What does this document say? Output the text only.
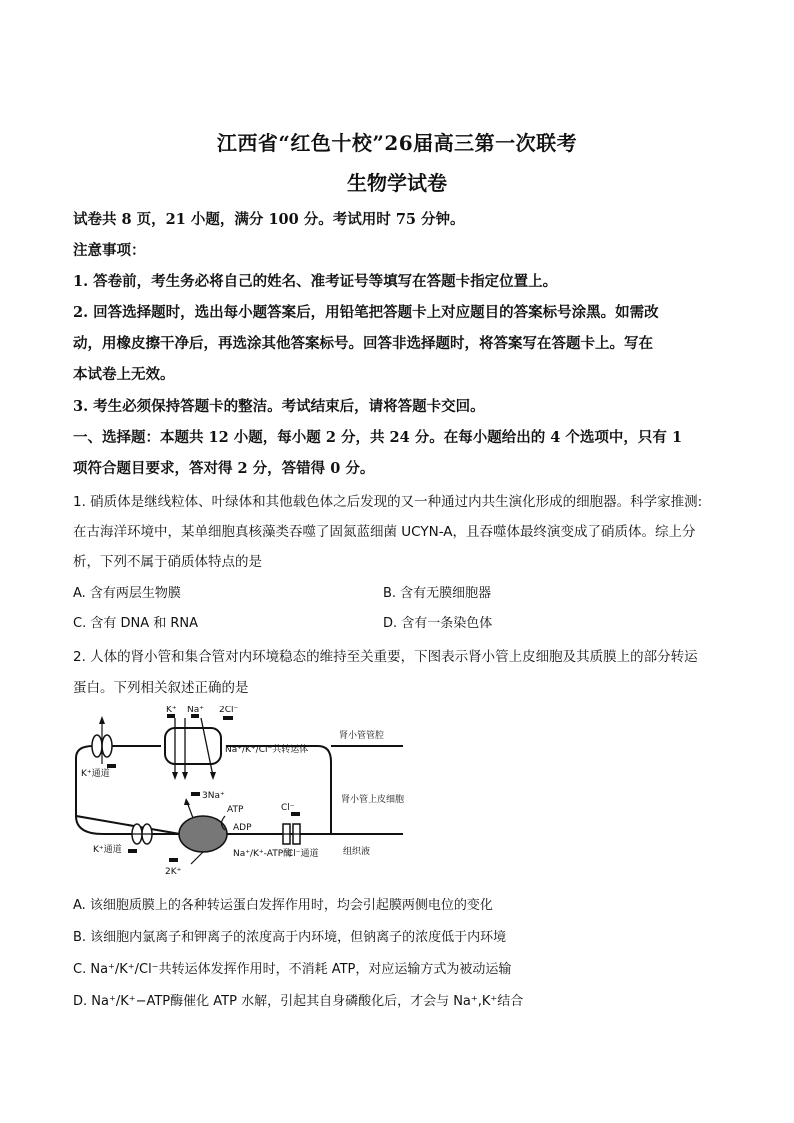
江西省“红色十校”26届高三第一次联考
生物学试卷
试卷共 8 页，21 小题，满分 100 分。考试用时 75 分钟。
注意事项：
1. 答卷前，考生务必将自己的姓名、准考证号等填写在答题卡指定位置上。
2. 回答选择题时，选出每小题答案后，用铅笔把答题卡上对应题目的答案标号涂黑。如需改
动，用橡皮擦干净后，再选涂其他答案标号。回答非选择题时，将答案写在答题卡上。写在
本试卷上无效。
3. 考生必须保持答题卡的整洁。考试结束后，请将答题卡交回。
一、选择题：本题共 12 小题，每小题 2 分，共 24 分。在每小题给出的 4 个选项中，只有 1
项符合题目要求，答对得 2 分，答错得 0 分。
1. 硝质体是继线粒体、叶绿体和其他载色体之后发现的又一种通过内共生演化形成的细胞器。科学家推测:
在古海洋环境中，某单细胞真核藻类吞噬了固氮蓝细菌 UCYN-A，且吞噬体最终演变成了硝质体。综上分
析，下列不属于硝质体特点的是
A. 含有两层生物膜	B. 含有无膜细胞器
C. 含有 DNA 和 RNA	D. 含有一条染色体
2. 人体的肾小管和集合管对内环境稳态的维持至关重要，下图表示肾小管上皮细胞及其质膜上的部分转运
蛋白。下列相关叙述正确的是
K⁺ Na⁺ 2Cl⁻
Na⁺/K⁺/Cl⁻共转运体
肾小管管腔
肾小管上皮细胞
K⁺通道
3Na⁺
ATP
ADP
2K⁺
Na⁺/K⁺-ATP酶
K⁺通道
Cl⁻
Cl⁻通道	组织液
A. 该细胞质膜上的各种转运蛋白发挥作用时，均会引起膜两侧电位的变化
B. 该细胞内氯离子和钾离子的浓度高于内环境，但钠离子的浓度低于内环境
C. Na⁺/K⁺/Cl⁻共转运体发挥作用时，不消耗 ATP，对应运输方式为被动运输
D. Na⁺/K⁺−ATP酶催化 ATP 水解，引起其自身磷酸化后，才会与 Na⁺,K⁺结合
